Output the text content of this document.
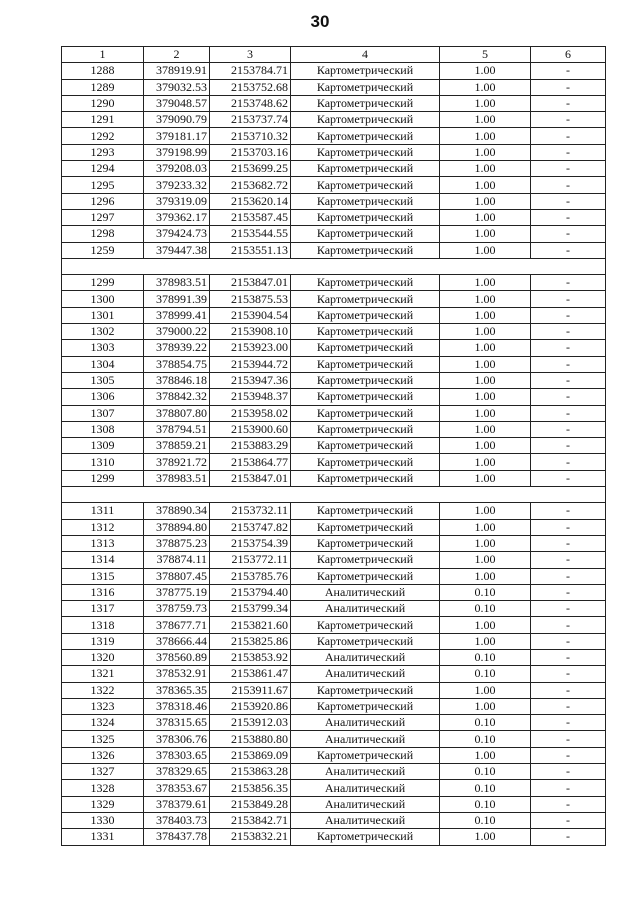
30
1	2	3	4	5	6
1288	378919.91	2153784.71	Картометрический	1.00	-
1289	379032.53	2153752.68	Картометрический	1.00	-
1290	379048.57	2153748.62	Картометрический	1.00	-
1291	379090.79	2153737.74	Картометрический	1.00	-
1292	379181.17	2153710.32	Картометрический	1.00	-
1293	379198.99	2153703.16	Картометрический	1.00	-
1294	379208.03	2153699.25	Картометрический	1.00	-
1295	379233.32	2153682.72	Картометрический	1.00	-
1296	379319.09	2153620.14	Картометрический	1.00	-
1297	379362.17	2153587.45	Картометрический	1.00	-
1298	379424.73	2153544.55	Картометрический	1.00	-
1259	379447.38	2153551.13	Картометрический	1.00	-

1299	378983.51	2153847.01	Картометрический	1.00	-
1300	378991.39	2153875.53	Картометрический	1.00	-
1301	378999.41	2153904.54	Картометрический	1.00	-
1302	379000.22	2153908.10	Картометрический	1.00	-
1303	378939.22	2153923.00	Картометрический	1.00	-
1304	378854.75	2153944.72	Картометрический	1.00	-
1305	378846.18	2153947.36	Картометрический	1.00	-
1306	378842.32	2153948.37	Картометрический	1.00	-
1307	378807.80	2153958.02	Картометрический	1.00	-
1308	378794.51	2153900.60	Картометрический	1.00	-
1309	378859.21	2153883.29	Картометрический	1.00	-
1310	378921.72	2153864.77	Картометрический	1.00	-
1299	378983.51	2153847.01	Картометрический	1.00	-

1311	378890.34	2153732.11	Картометрический	1.00	-
1312	378894.80	2153747.82	Картометрический	1.00	-
1313	378875.23	2153754.39	Картометрический	1.00	-
1314	378874.11	2153772.11	Картометрический	1.00	-
1315	378807.45	2153785.76	Картометрический	1.00	-
1316	378775.19	2153794.40	Аналитический	0.10	-
1317	378759.73	2153799.34	Аналитический	0.10	-
1318	378677.71	2153821.60	Картометрический	1.00	-
1319	378666.44	2153825.86	Картометрический	1.00	-
1320	378560.89	2153853.92	Аналитический	0.10	-
1321	378532.91	2153861.47	Аналитический	0.10	-
1322	378365.35	2153911.67	Картометрический	1.00	-
1323	378318.46	2153920.86	Картометрический	1.00	-
1324	378315.65	2153912.03	Аналитический	0.10	-
1325	378306.76	2153880.80	Аналитический	0.10	-
1326	378303.65	2153869.09	Картометрический	1.00	-
1327	378329.65	2153863.28	Аналитический	0.10	-
1328	378353.67	2153856.35	Аналитический	0.10	-
1329	378379.61	2153849.28	Аналитический	0.10	-
1330	378403.73	2153842.71	Аналитический	0.10	-
1331	378437.78	2153832.21	Картометрический	1.00	-
